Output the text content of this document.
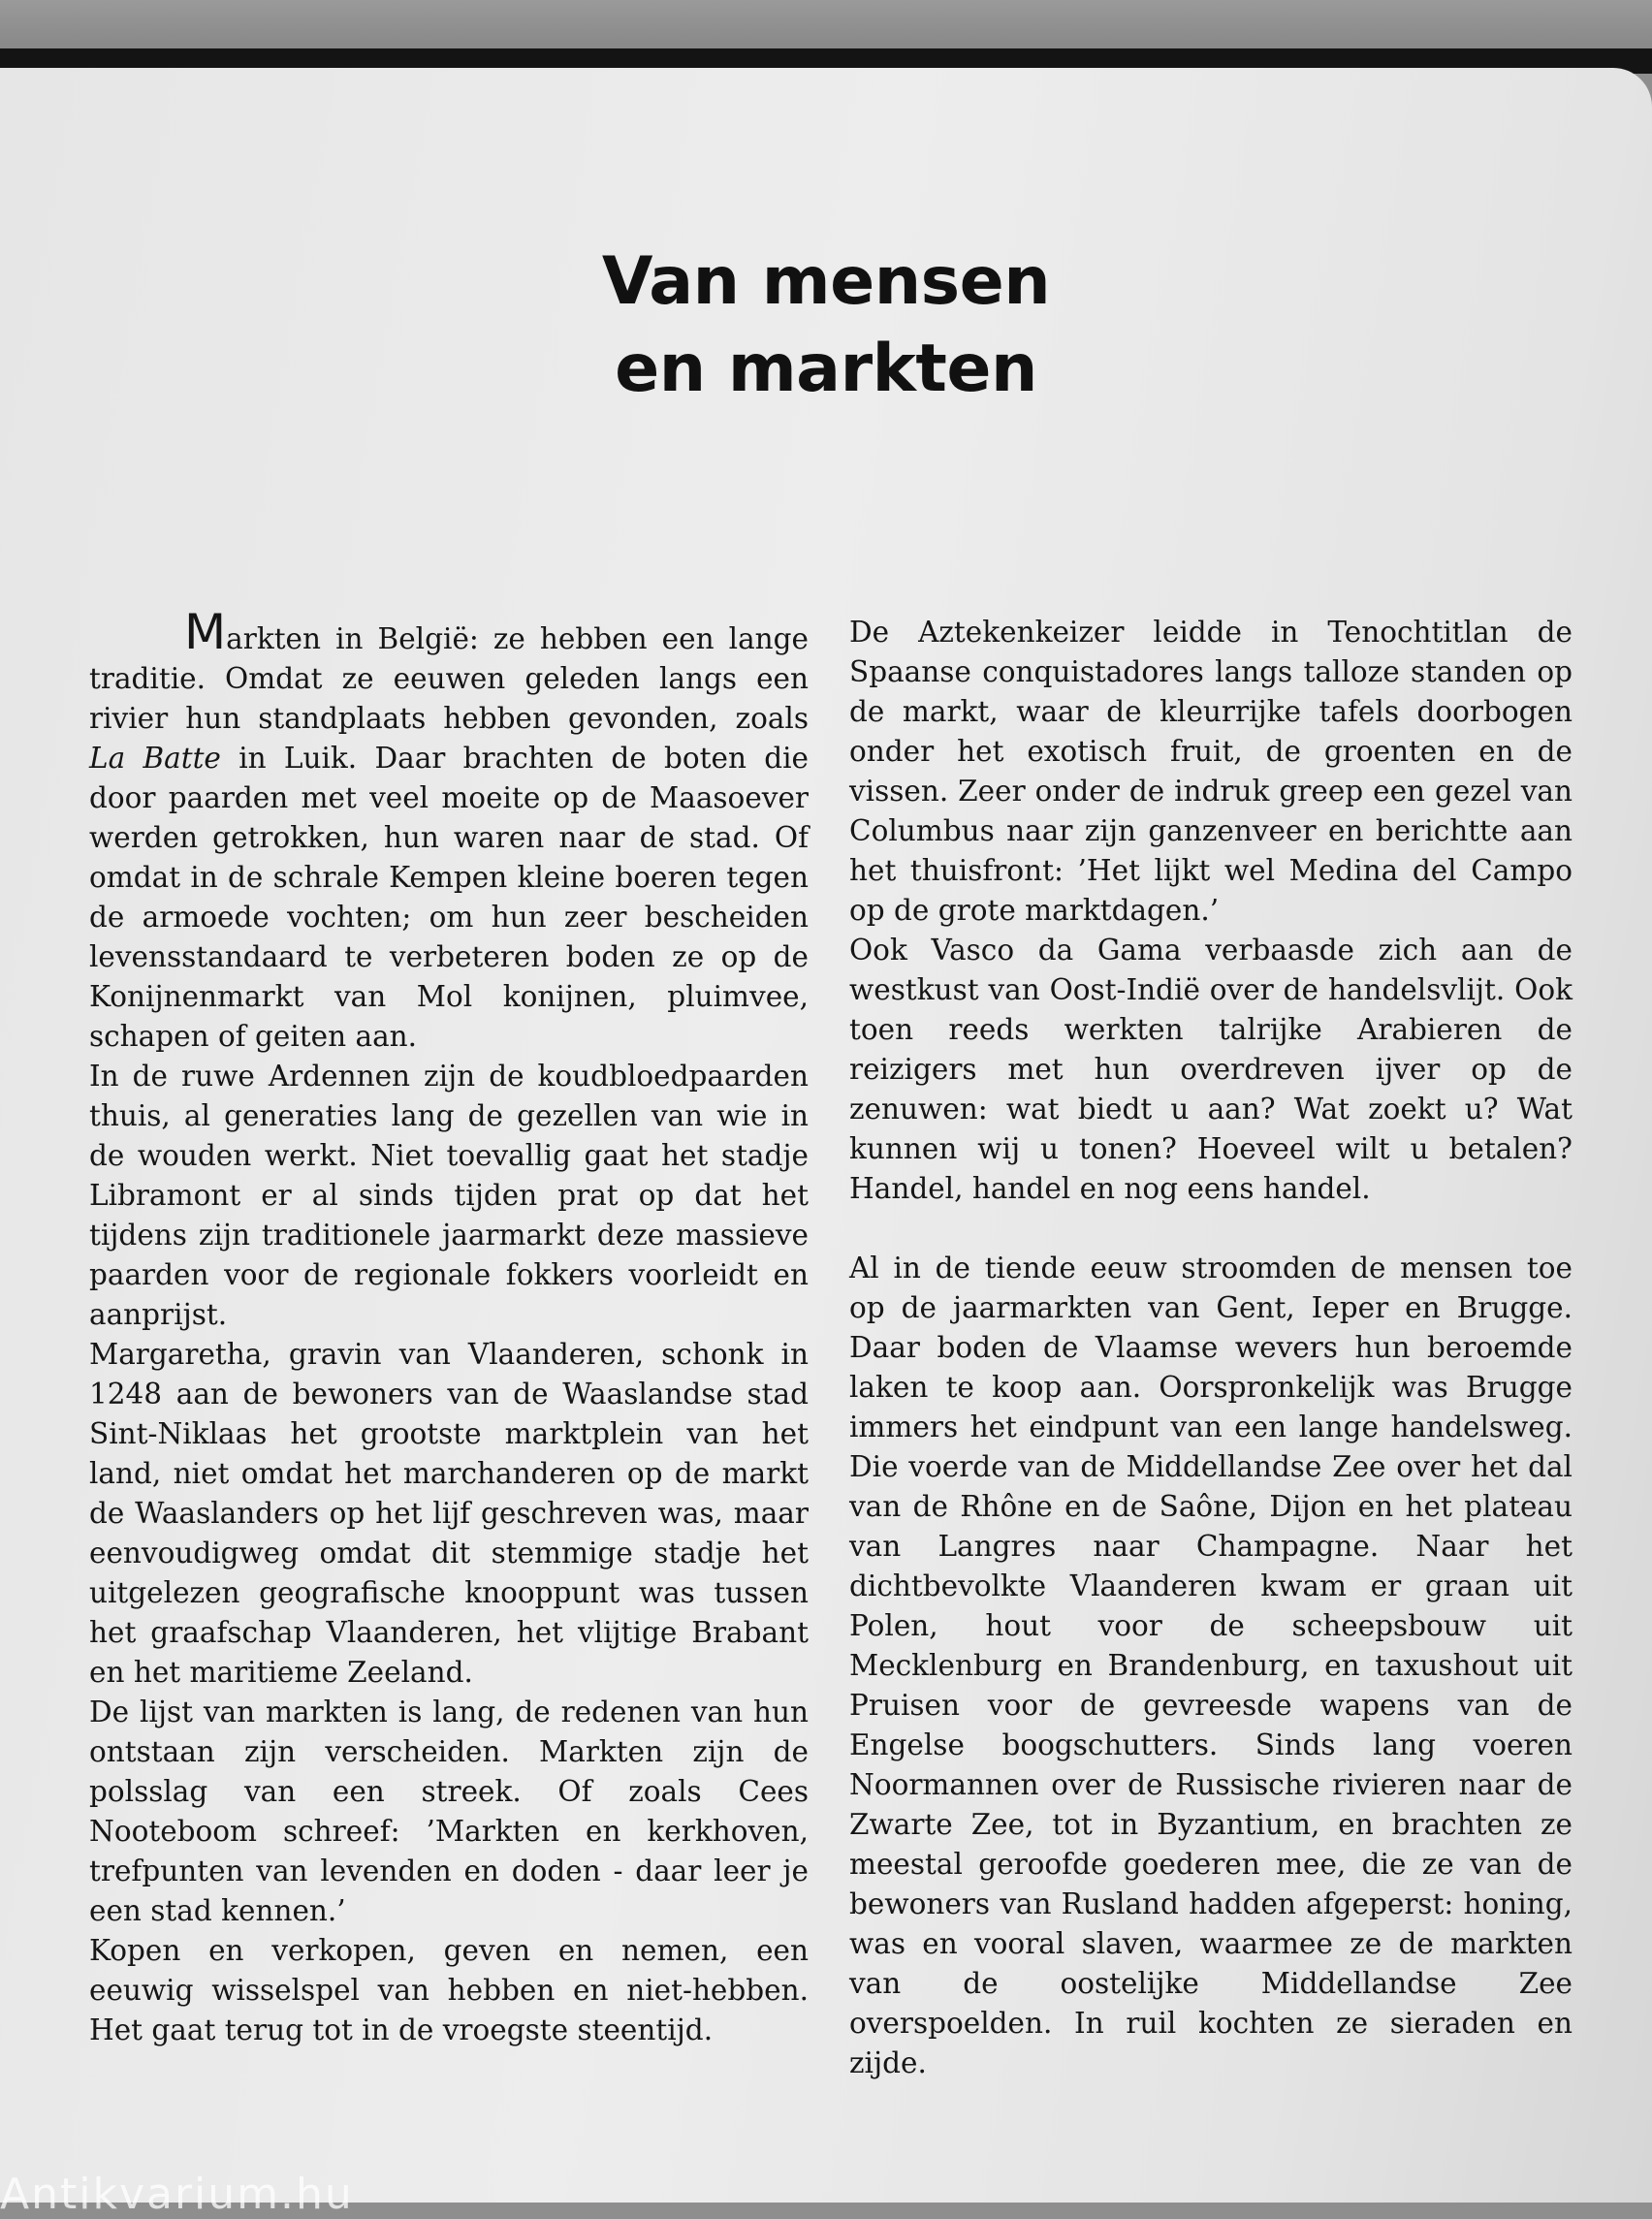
Van mensen
en markten

Markten in België: ze hebben een lange traditie. Omdat ze eeuwen geleden langs een rivier hun standplaats hebben gevonden, zoals La Batte in Luik. Daar brachten de boten die door paarden met veel moeite op de Maasoever werden getrokken, hun waren naar de stad. Of omdat in de schrale Kempen kleine boeren tegen de armoede vochten; om hun zeer bescheiden levensstandaard te verbeteren boden ze op de Konijnenmarkt van Mol konijnen, pluimvee, schapen of geiten aan.

In de ruwe Ardennen zijn de koudbloedpaarden thuis, al generaties lang de gezellen van wie in de wouden werkt. Niet toevallig gaat het stadje Libramont er al sinds tijden prat op dat het tijdens zijn traditionele jaarmarkt deze massieve paarden voor de regionale fokkers voorleidt en aanprijst.

Margaretha, gravin van Vlaanderen, schonk in 1248 aan de bewoners van de Waaslandse stad Sint-Niklaas het grootste marktplein van het land, niet omdat het marchanderen op de markt de Waaslanders op het lijf geschreven was, maar eenvoudigweg omdat dit stemmige stadje het uitgelezen geografische knooppunt was tussen het graafschap Vlaanderen, het vlijtige Brabant en het maritieme Zeeland.

De lijst van markten is lang, de redenen van hun ontstaan zijn verscheiden. Markten zijn de polsslag van een streek. Of zoals Cees Nooteboom schreef: ’Markten en kerkhoven, trefpunten van levenden en doden - daar leer je een stad kennen.’

Kopen en verkopen, geven en nemen, een eeuwig wisselspel van hebben en niet-hebben. Het gaat terug tot in de vroegste steentijd.

De Aztekenkeizer leidde in Tenochtitlan de Spaanse conquistadores langs talloze standen op de markt, waar de kleurrijke tafels doorbogen onder het exotisch fruit, de groenten en de vissen. Zeer onder de indruk greep een gezel van Columbus naar zijn ganzenveer en berichtte aan het thuisfront: ’Het lijkt wel Medina del Campo op de grote marktdagen.’

Ook Vasco da Gama verbaasde zich aan de westkust van Oost-Indië over de handelsvlijt. Ook toen reeds werkten talrijke Arabieren de reizigers met hun overdreven ijver op de zenuwen: wat biedt u aan? Wat zoekt u? Wat kunnen wij u tonen? Hoeveel wilt u betalen? Handel, handel en nog eens handel.

Al in de tiende eeuw stroomden de mensen toe op de jaarmarkten van Gent, Ieper en Brugge. Daar boden de Vlaamse wevers hun beroemde laken te koop aan. Oorspronkelijk was Brugge immers het eindpunt van een lange handelsweg. Die voerde van de Middellandse Zee over het dal van de Rhône en de Saône, Dijon en het plateau van Langres naar Champagne. Naar het dichtbevolkte Vlaanderen kwam er graan uit Polen, hout voor de scheepsbouw uit Mecklenburg en Brandenburg, en taxushout uit Pruisen voor de gevreesde wapens van de Engelse boogschutters. Sinds lang voeren Noormannen over de Russische rivieren naar de Zwarte Zee, tot in Byzantium, en brachten ze meestal geroofde goederen mee, die ze van de bewoners van Rusland hadden afgeperst: honing, was en vooral slaven, waarmee ze de markten van de oostelijke Middellandse Zee overspoelden. In ruil kochten ze sieraden en zijde.

Antikvarium.hu
